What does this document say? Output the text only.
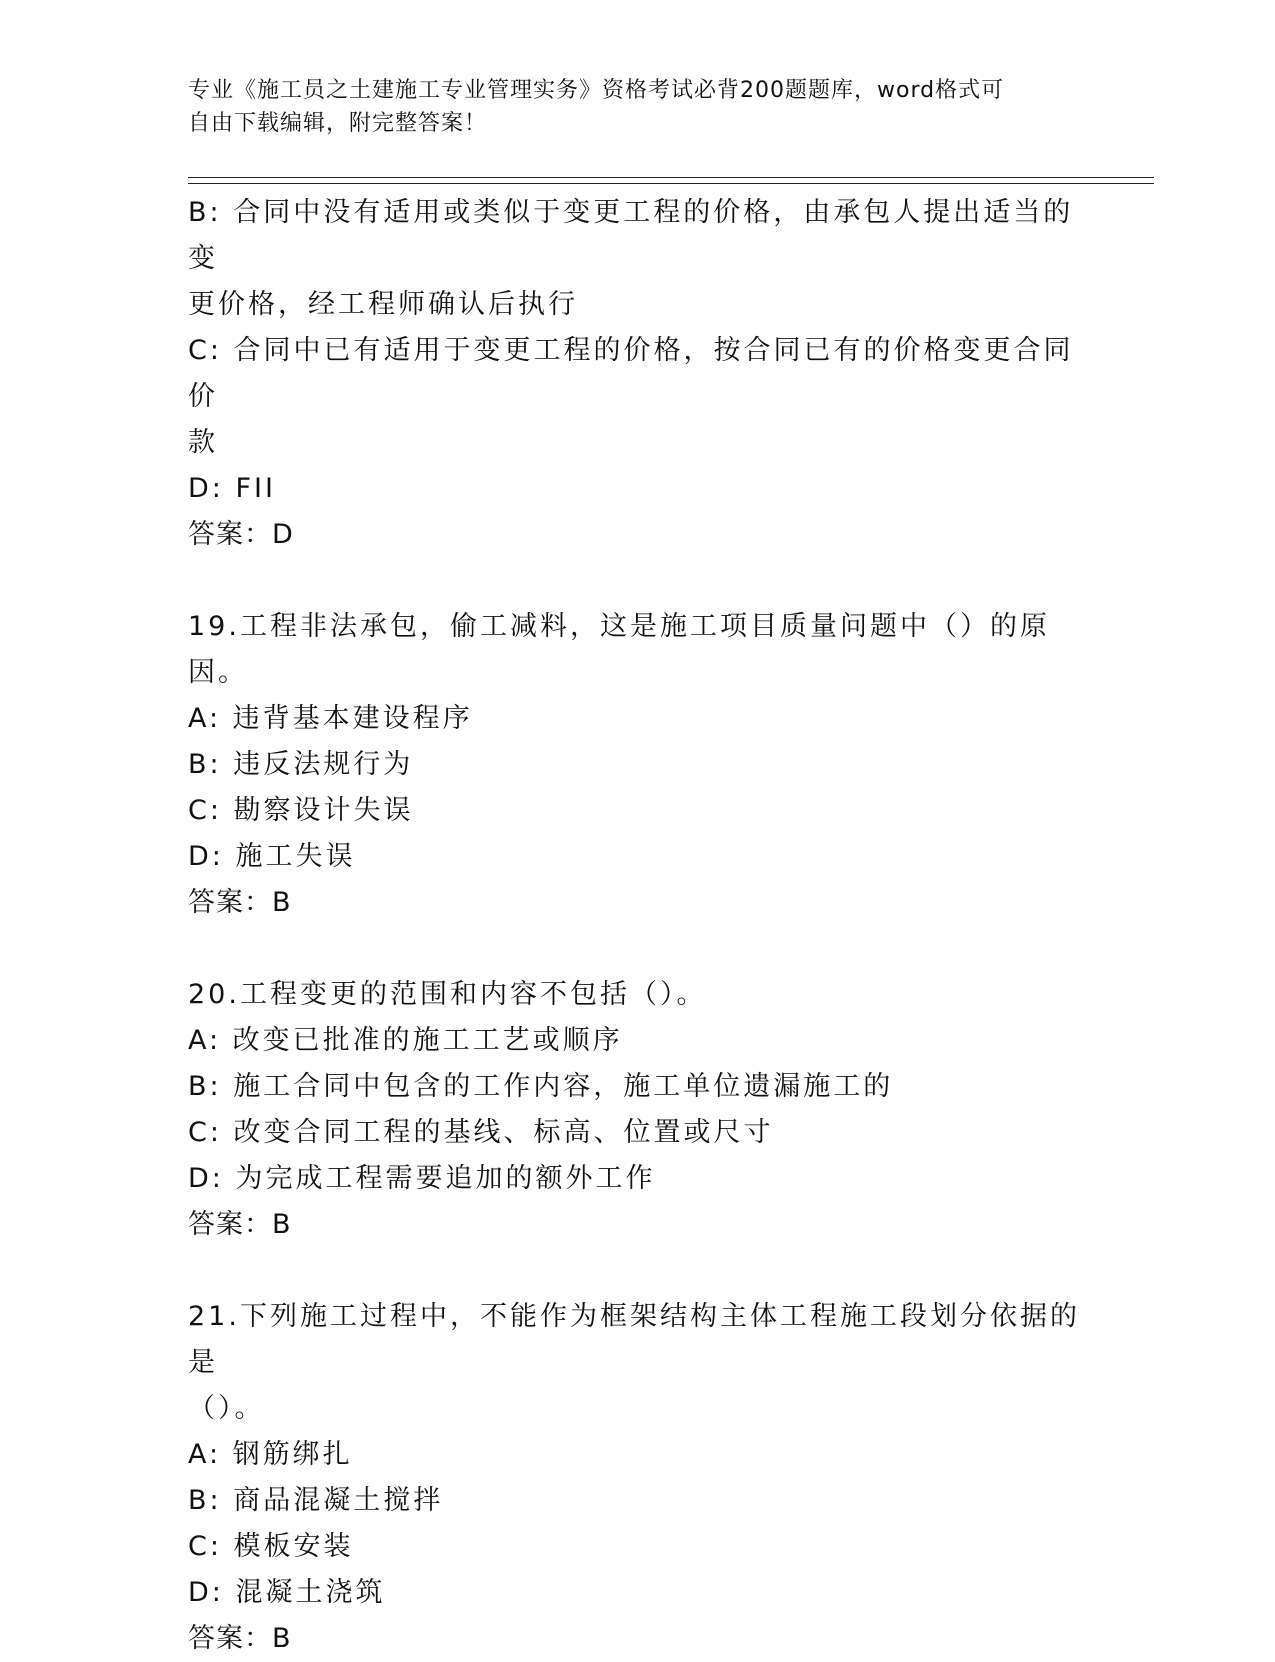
专业《施工员之土建施工专业管理实务》资格考试必背200题题库，word格式可
自由下载编辑，附完整答案！

B: 合同中没有适用或类似于变更工程的价格，由承包人提出适当的变

更价格，经工程师确认后执行

C: 合同中已有适用于变更工程的价格，按合同已有的价格变更合同价

款

D: FII

答案：D

19.工程非法承包，偷工减料，这是施工项目质量问题中（）的原因。

A: 违背基本建设程序

B: 违反法规行为

C: 勘察设计失误

D: 施工失误

答案：B

20.工程变更的范围和内容不包括（）。

A: 改变已批准的施工工艺或顺序

B: 施工合同中包含的工作内容，施工单位遗漏施工的

C: 改变合同工程的基线、标高、位置或尺寸

D: 为完成工程需要追加的额外工作

答案：B

21.下列施工过程中，不能作为框架结构主体工程施工段划分依据的是

（）。

A: 钢筋绑扎

B: 商品混凝土搅拌

C: 模板安装

D: 混凝土浇筑

答案：B
